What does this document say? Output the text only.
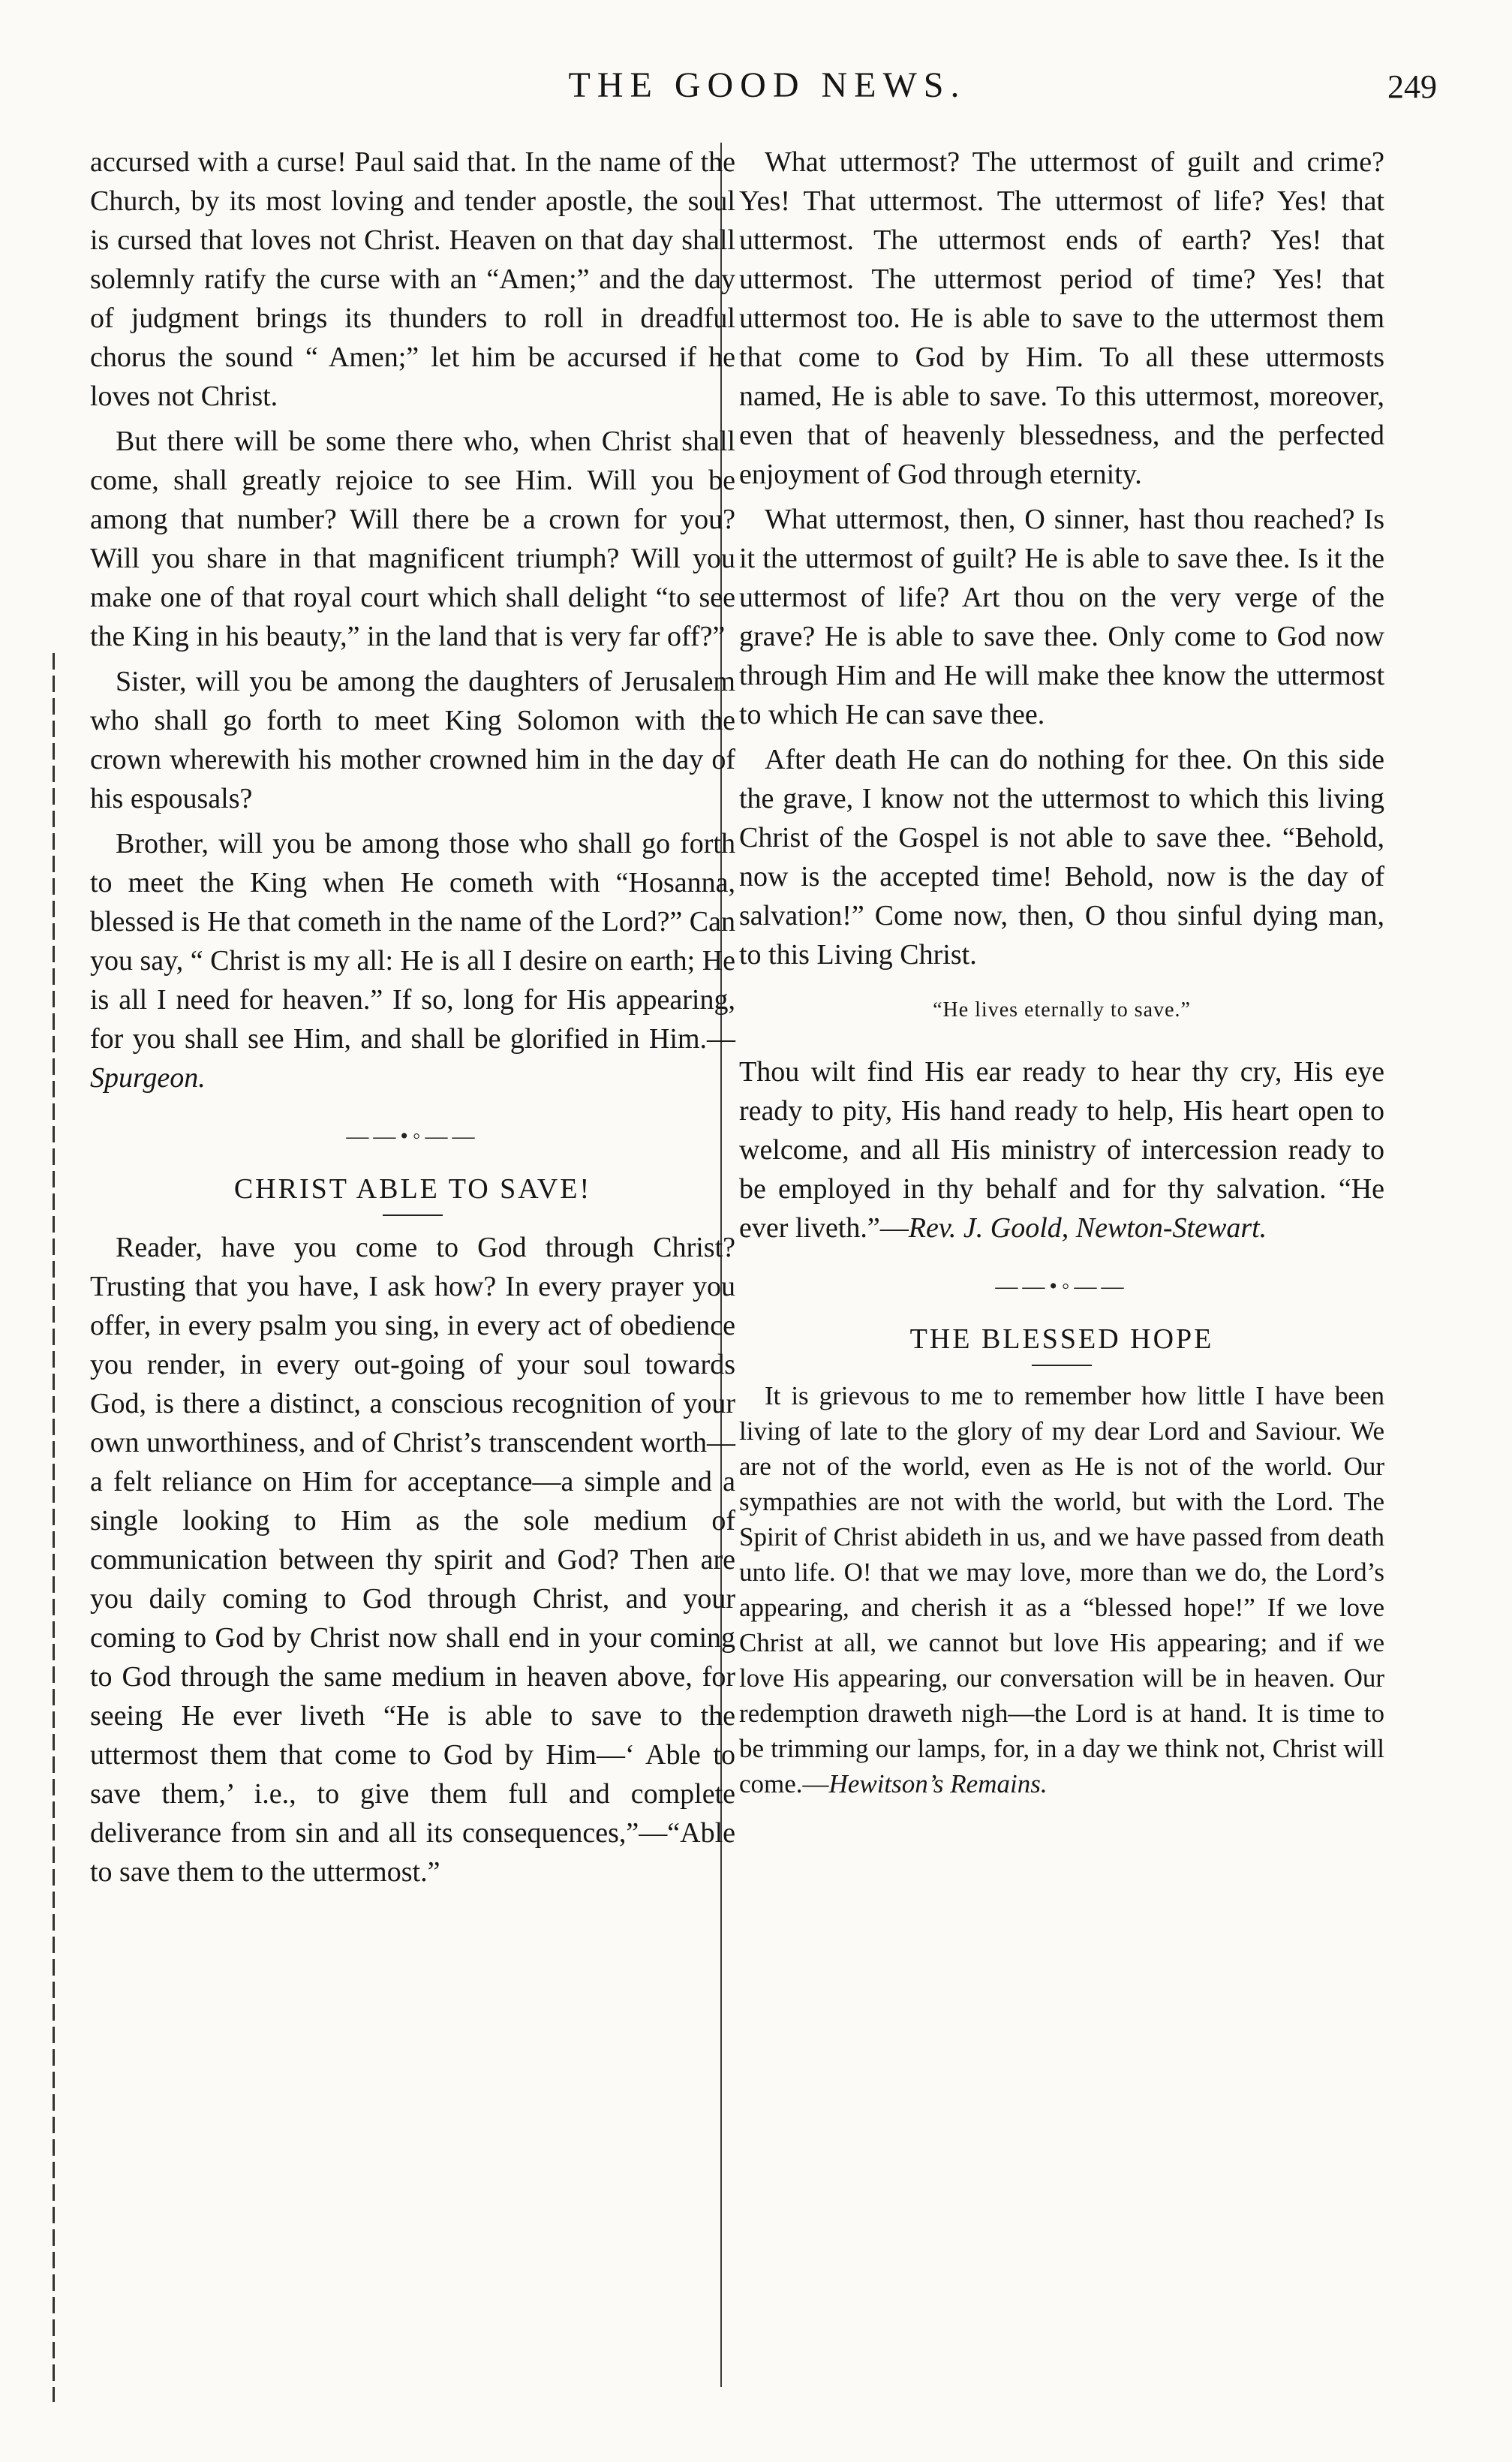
THE GOOD NEWS.	249

accursed with a curse! Paul said that. In the name of the Church, by its most loving and tender apostle, the soul is cursed that loves not Christ. Heaven on that day shall solemnly ratify the curse with an “Amen;” and the day of judgment brings its thunders to roll in dreadful chorus the sound “ Amen;” let him be accursed if he loves not Christ.

But there will be some there who, when Christ shall come, shall greatly rejoice to see Him. Will you be among that number? Will there be a crown for you? Will you share in that magnificent triumph? Will you make one of that royal court which shall delight “to see the King in his beauty,” in the land that is very far off?”

Sister, will you be among the daughters of Jerusalem who shall go forth to meet King Solomon with the crown wherewith his mother crowned him in the day of his espousals?

Brother, will you be among those who shall go forth to meet the King when He cometh with “Hosanna, blessed is He that cometh in the name of the Lord?” Can you say, “ Christ is my all: He is all I desire on earth; He is all I need for heaven.” If so, long for His appearing, for you shall see Him, and shall be glorified in Him.—Spurgeon.

——•◦——
CHRIST ABLE TO SAVE!

Reader, have you come to God through Christ? Trusting that you have, I ask how? In every prayer you offer, in every psalm you sing, in every act of obedience you render, in every out-going of your soul towards God, is there a distinct, a conscious recognition of your own unworthiness, and of Christ’s transcendent worth—a felt reliance on Him for acceptance—a simple and a single looking to Him as the sole medium of communication between thy spirit and God? Then are you daily coming to God through Christ, and your coming to God by Christ now shall end in your coming to God through the same medium in heaven above, for seeing He ever liveth “He is able to save to the uttermost them that come to God by Him—‘ Able to save them,’ i.e., to give them full and complete deliverance from sin and all its consequences,”—“Able to save them to the uttermost.”

What uttermost? The uttermost of guilt and crime? Yes! That uttermost. The uttermost of life? Yes! that uttermost. The uttermost ends of earth? Yes! that uttermost. The uttermost period of time? Yes! that uttermost too. He is able to save to the uttermost them that come to God by Him. To all these uttermosts named, He is able to save. To this uttermost, moreover, even that of heavenly blessedness, and the perfected enjoyment of God through eternity.

What uttermost, then, O sinner, hast thou reached? Is it the uttermost of guilt? He is able to save thee. Is it the uttermost of life? Art thou on the very verge of the grave? He is able to save thee. Only come to God now through Him and He will make thee know the uttermost to which He can save thee.

After death He can do nothing for thee. On this side the grave, I know not the uttermost to which this living Christ of the Gospel is not able to save thee. “Behold, now is the accepted time! Behold, now is the day of salvation!” Come now, then, O thou sinful dying man, to this Living Christ.

“He lives eternally to save.”

Thou wilt find His ear ready to hear thy cry, His eye ready to pity, His hand ready to help, His heart open to welcome, and all His ministry of intercession ready to be employed in thy behalf and for thy salvation. “He ever liveth.”—Rev. J. Goold, Newton-Stewart.

——•◦——
THE BLESSED HOPE

It is grievous to me to remember how little I have been living of late to the glory of my dear Lord and Saviour. We are not of the world, even as He is not of the world. Our sympathies are not with the world, but with the Lord. The Spirit of Christ abideth in us, and we have passed from death unto life. O! that we may love, more than we do, the Lord’s appearing, and cherish it as a “blessed hope!” If we love Christ at all, we cannot but love His appearing; and if we love His appearing, our conversation will be in heaven. Our redemption draweth nigh—the Lord is at hand. It is time to be trimming our lamps, for, in a day we think not, Christ will come.—Hewitson’s Remains.
